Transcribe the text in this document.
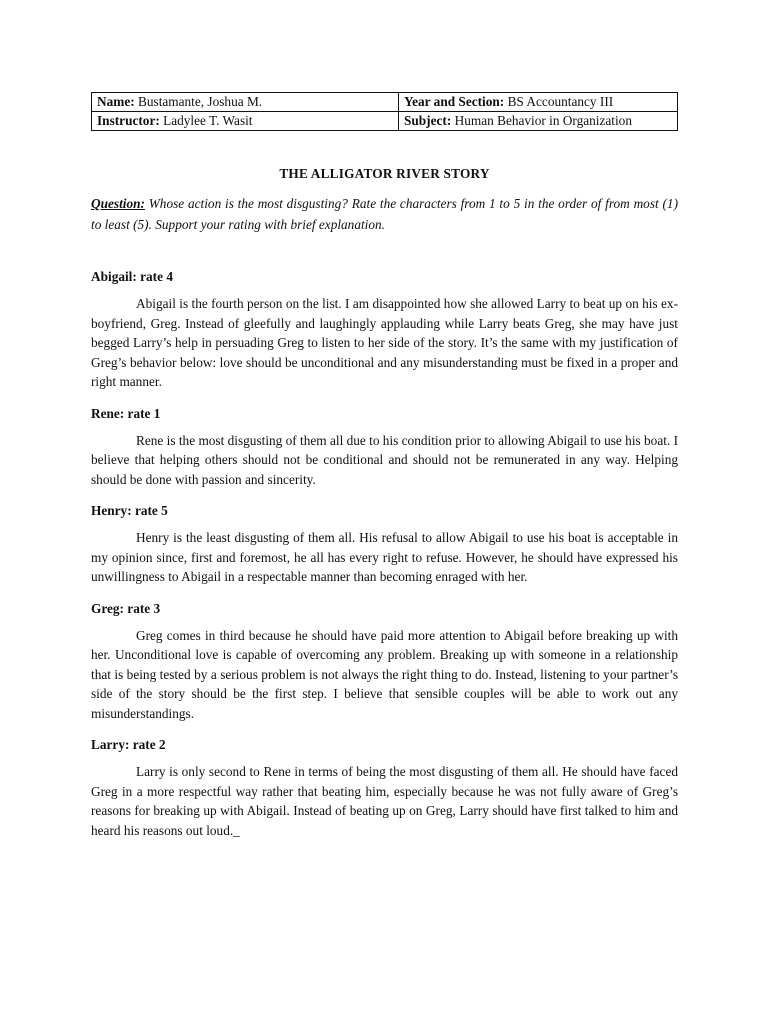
Name: Bustamante, Joshua M.	Year and Section: BS Accountancy III
Instructor: Ladylee T. Wasit	Subject: Human Behavior in Organization
THE ALLIGATOR RIVER STORY

Question: Whose action is the most disgusting? Rate the characters from 1 to 5 in the order of from most (1) to least (5). Support your rating with brief explanation.

Abigail: rate 4

Abigail is the fourth person on the list. I am disappointed how she allowed Larry to beat up on his ex-boyfriend, Greg. Instead of gleefully and laughingly applauding while Larry beats Greg, she may have just begged Larry’s help in persuading Greg to listen to her side of the story. It’s the same with my justification of Greg’s behavior below: love should be unconditional and any misunderstanding must be fixed in a proper and right manner.

Rene: rate 1

Rene is the most disgusting of them all due to his condition prior to allowing Abigail to use his boat. I believe that helping others should not be conditional and should not be remunerated in any way. Helping should be done with passion and sincerity.

Henry: rate 5

Henry is the least disgusting of them all. His refusal to allow Abigail to use his boat is acceptable in my opinion since, first and foremost, he all has every right to refuse. However, he should have expressed his unwillingness to Abigail in a respectable manner than becoming enraged with her.

Greg: rate 3

Greg comes in third because he should have paid more attention to Abigail before breaking up with her. Unconditional love is capable of overcoming any problem. Breaking up with someone in a relationship that is being tested by a serious problem is not always the right thing to do. Instead, listening to your partner’s side of the story should be the first step. I believe that sensible couples will be able to work out any misunderstandings.

Larry: rate 2

Larry is only second to Rene in terms of being the most disgusting of them all. He should have faced Greg in a more respectful way rather that beating him, especially because he was not fully aware of Greg’s reasons for breaking up with Abigail. Instead of beating up on Greg, Larry should have first talked to him and heard his reasons out loud._
